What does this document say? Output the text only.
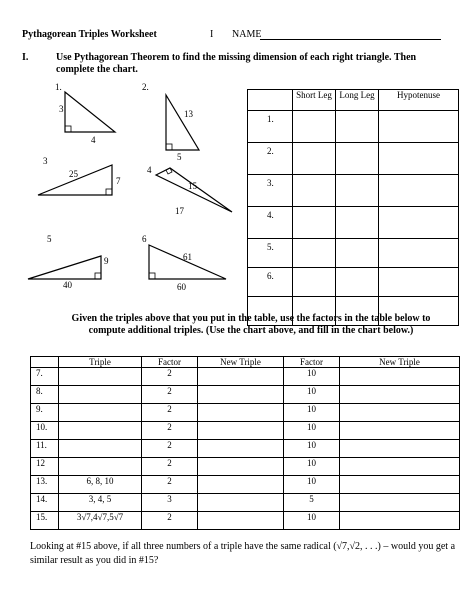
Pythagorean Triples Worksheet	I NAME
I.	Use Pythagorean Theorem to find the missing dimension of each right triangle. Then complete the chart.
1.	2.
3
4
5	6
3
4
13
5
25
7	15
17
9
40
61
60
	Short Leg	Long Leg	Hypotenuse
1.			
2.			
3.			
4.			
5.			
6.			

Given the triples above that you put in the table, use the factors in the table below to compute additional triples. (Use the chart above, and fill in the chart below.)
	Triple	Factor	New Triple	Factor	New Triple
7.		2		10	
8.		2		10	
9.		2		10	
10.		2		10	
11.		2		10	
12		2		10	
13.	6, 8, 10	2		10	
14.	3, 4, 5	3		5	
15.	3√7,4√7,5√7	2		10	
Looking at #15 above, if all three numbers of a triple have the same radical (√7,√2, . . .) – would you get a similar result as you did in #15?
